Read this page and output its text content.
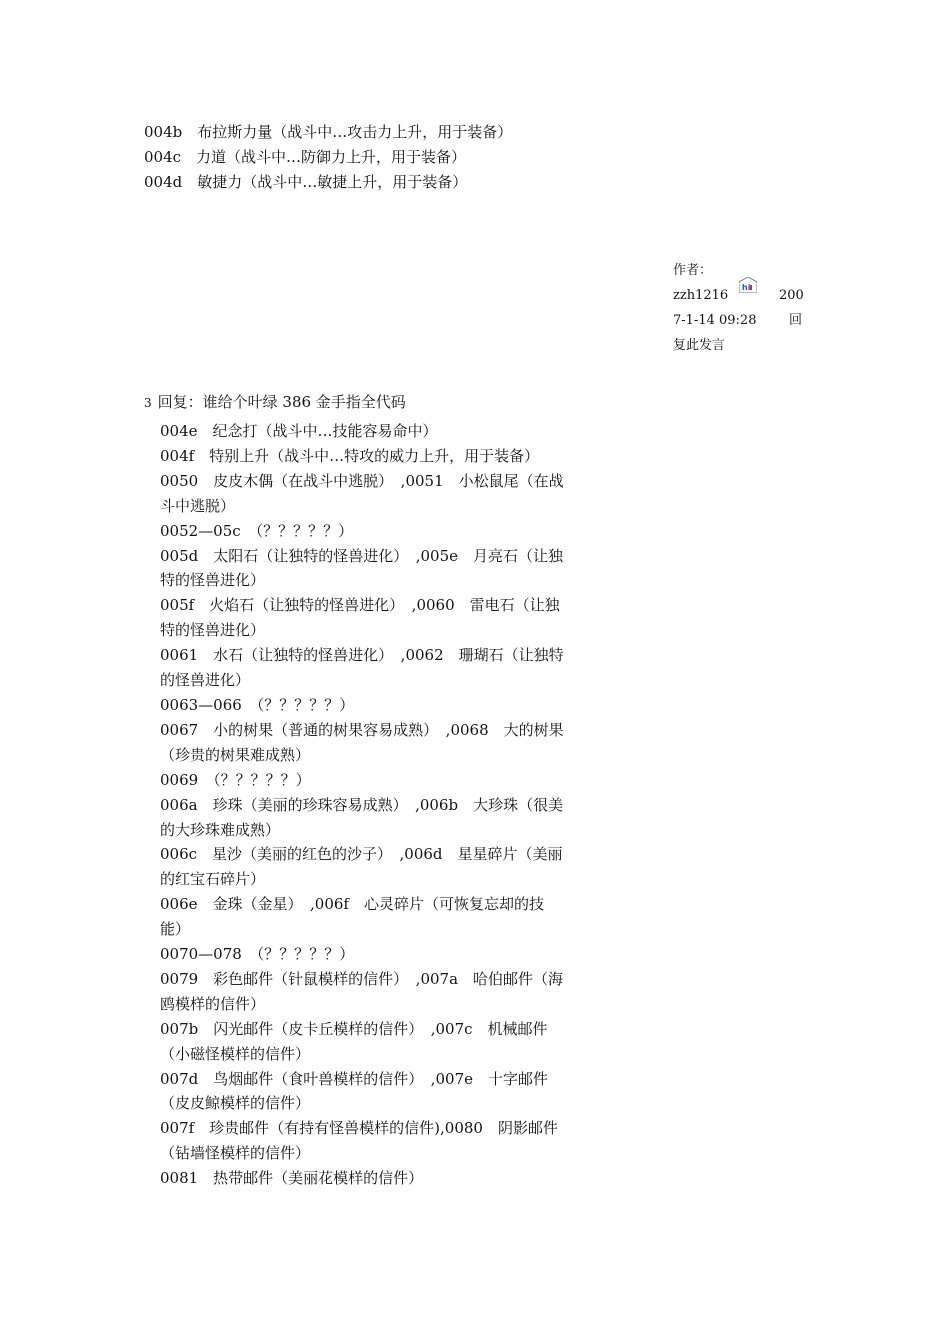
004b　布拉斯力量（战斗中…攻击力上升，用于装备）
004c　力道（战斗中…防御力上升，用于装备）
004d　敏捷力（战斗中…敏捷上升，用于装备）
作者：
zzh1216
hi
200
7-1-14 09:28	回
复此发言
3 回复：谁给个叶绿 386 金手指全代码
004e　纪念打（战斗中…技能容易命中）
004f　特别上升（战斗中…特攻的威力上升，用于装备）
0050　皮皮木偶（在战斗中逃脱）　,0051　小松鼠尾（在战斗中逃脱）
0052—05c　（？？？？？）
005d　太阳石（让独特的怪兽进化）　,005e　月亮石（让独特的怪兽进化）
005f　火焰石（让独特的怪兽进化）　,0060　雷电石（让独特的怪兽进化）
0061　水石（让独特的怪兽进化）　,0062　珊瑚石（让独特的怪兽进化）
0063—066　（？？？？？）
0067　小的树果（普通的树果容易成熟）　,0068　大的树果（珍贵的树果难成熟）
0069　（？？？？？）
006a　珍珠（美丽的珍珠容易成熟）　,006b　大珍珠（很美的大珍珠难成熟）
006c　星沙（美丽的红色的沙子）　,006d　星星碎片（美丽的红宝石碎片）
006e　金珠（金星）　,006f　心灵碎片（可恢复忘却的技能）
0070—078　（？？？？？）
0079　彩色邮件（针鼠模样的信件）　,007a　哈伯邮件（海鸥模样的信件）
007b　闪光邮件（皮卡丘模样的信件）　,007c　机械邮件（小磁怪模样的信件）
007d　鸟烟邮件（食叶兽模样的信件）　,007e　十字邮件（皮皮鲸模样的信件）
007f　珍贵邮件（有持有怪兽模样的信件),0080　阴影邮件（钻墙怪模样的信件）
0081　热带邮件（美丽花模样的信件）
